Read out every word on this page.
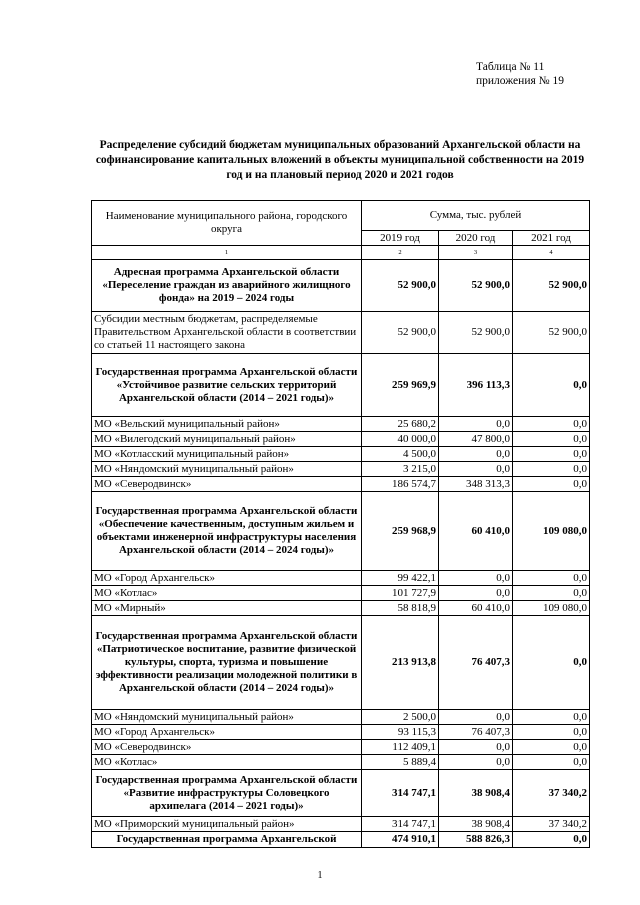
Таблица № 11
приложения № 19
Распределение субсидий бюджетам муниципальных образований Архангельской области на софинансирование капитальных вложений в объекты муниципальной собственности на 2019 год и на плановый период 2020 и 2021 годов
Наименование муниципального района, городского округа	Сумма, тыс. рублей		
	2019 год	2020 год	2021 год
1	2	3	4
Адресная программа Архангельской области «Переселение граждан из аварийного жилищного фонда» на 2019 – 2024 годы	52 900,0	52 900,0	52 900,0
Субсидии местным бюджетам, распределяемые Правительством Архангельской области в соответствии со статьей 11 настоящего закона	52 900,0	52 900,0	52 900,0
Государственная программа Архангельской области «Устойчивое развитие сельских территорий Архангельской области (2014 – 2021 годы)»	259 969,9	396 113,3	0,0
МО «Вельский муниципальный район»	25 680,2	0,0	0,0
МО «Вилегодский муниципальный район»	40 000,0	47 800,0	0,0
МО «Котласский муниципальный район»	4 500,0	0,0	0,0
МО «Няндомский муниципальный район»	3 215,0	0,0	0,0
МО «Северодвинск»	186 574,7	348 313,3	0,0
Государственная программа Архангельской области «Обеспечение качественным, доступным жильем и объектами инженерной инфраструктуры населения Архангельской области (2014 – 2024 годы)»	259 968,9	60 410,0	109 080,0
МО «Город Архангельск»	99 422,1	0,0	0,0
МО «Котлас»	101 727,9	0,0	0,0
МО «Мирный»	58 818,9	60 410,0	109 080,0
Государственная программа Архангельской области «Патриотическое воспитание, развитие физической культуры, спорта, туризма и повышение эффективности реализации молодежной политики в Архангельской области (2014 – 2024 годы)»	213 913,8	76 407,3	0,0
МО «Няндомский муниципальный район»	2 500,0	0,0	0,0
МО «Город Архангельск»	93 115,3	76 407,3	0,0
МО «Северодвинск»	112 409,1	0,0	0,0
МО «Котлас»	5 889,4	0,0	0,0
Государственная программа Архангельской области «Развитие инфраструктуры Соловецкого архипелага (2014 – 2021 годы)»	314 747,1	38 908,4	37 340,2
МО «Приморский муниципальный район»	314 747,1	38 908,4	37 340,2
Государственная программа Архангельской	474 910,1	588 826,3	0,0
1
